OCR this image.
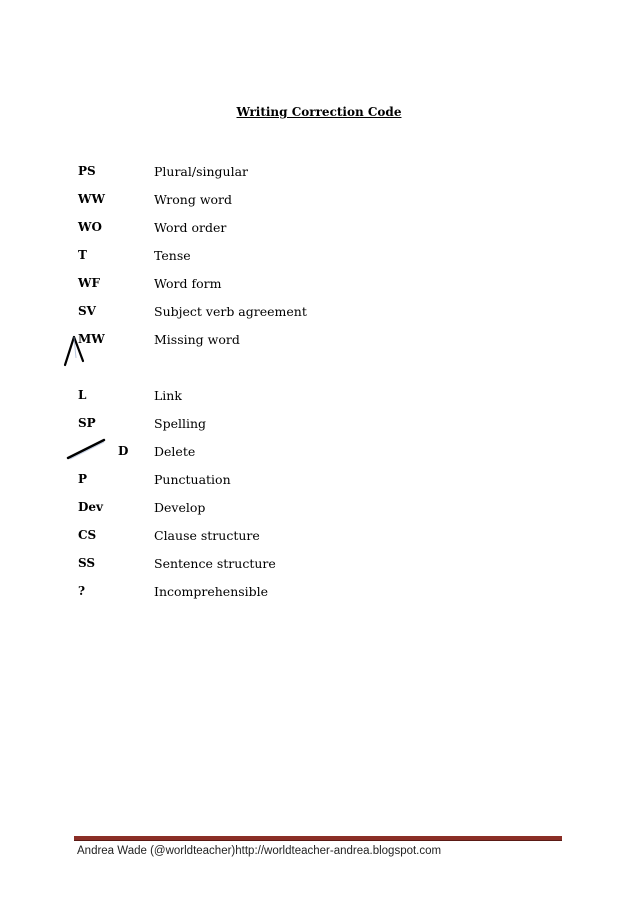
Writing Correction Code
PS	Plural/singular
WW	Wrong word
WO	Word order
T	Tense
WF	Word form
SV	Subject verb agreement
MW	Missing word
L	Link
SP	Spelling
D Delete
P	Punctuation
Dev	Develop
CS	Clause structure
SS	Sentence structure
?	Incomprehensible
Andrea Wade (@worldteacher)http://worldteacher-andrea.blogspot.com
